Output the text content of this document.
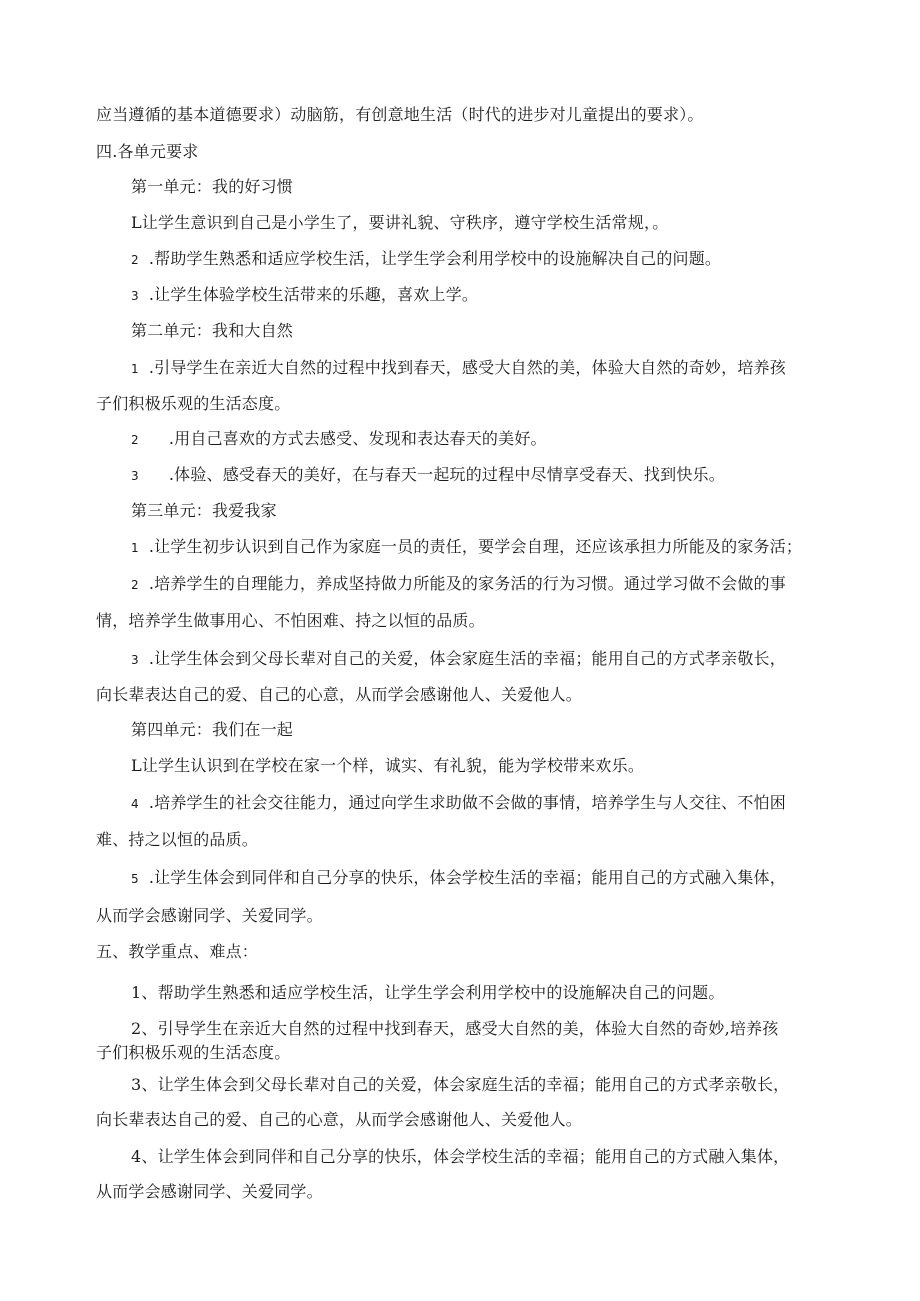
应当遵循的基本道德要求）动脑筋，有创意地生活（时代的进步对儿童提出的要求）。
四.各单元要求
第一单元：我的好习惯
L让学生意识到自己是小学生了，要讲礼貌、守秩序，遵守学校生活常规，。
2 .帮助学生熟悉和适应学校生活，让学生学会利用学校中的设施解决自己的问题。
3 .让学生体验学校生活带来的乐趣，喜欢上学。
第二单元：我和大自然
1 .引导学生在亲近大自然的过程中找到春天，感受大自然的美，体验大自然的奇妙，培养孩
子们积极乐观的生活态度。
2 .用自己喜欢的方式去感受、发现和表达春天的美好。
3 .体验、感受春天的美好，在与春天一起玩的过程中尽情享受春天、找到快乐。
第三单元：我爱我家
1 .让学生初步认识到自己作为家庭一员的责任，要学会自理，还应该承担力所能及的家务活；
2 .培养学生的自理能力，养成坚持做力所能及的家务活的行为习惯。通过学习做不会做的事
情，培养学生做事用心、不怕困难、持之以恒的品质。
3 .让学生体会到父母长辈对自己的关爱，体会家庭生活的幸福；能用自己的方式孝亲敬长，
向长辈表达自己的爱、自己的心意，从而学会感谢他人、关爱他人。
第四单元：我们在一起
L让学生认识到在学校在家一个样，诚实、有礼貌，能为学校带来欢乐。
4 .培养学生的社会交往能力，通过向学生求助做不会做的事情，培养学生与人交往、不怕困
难、持之以恒的品质。
5 .让学生体会到同伴和自己分享的快乐，体会学校生活的幸福；能用自己的方式融入集体，
从而学会感谢同学、关爱同学。
五、教学重点、难点：
1、帮助学生熟悉和适应学校生活，让学生学会利用学校中的设施解决自己的问题。
2、引导学生在亲近大自然的过程中找到春天，感受大自然的美，体验大自然的奇妙,培养孩
子们积极乐观的生活态度。
3、让学生体会到父母长辈对自己的关爱，体会家庭生活的幸福；能用自己的方式孝亲敬长，
向长辈表达自己的爱、自己的心意，从而学会感谢他人、关爱他人。
4、让学生体会到同伴和自己分享的快乐，体会学校生活的幸福；能用自己的方式融入集体，
从而学会感谢同学、关爱同学。
